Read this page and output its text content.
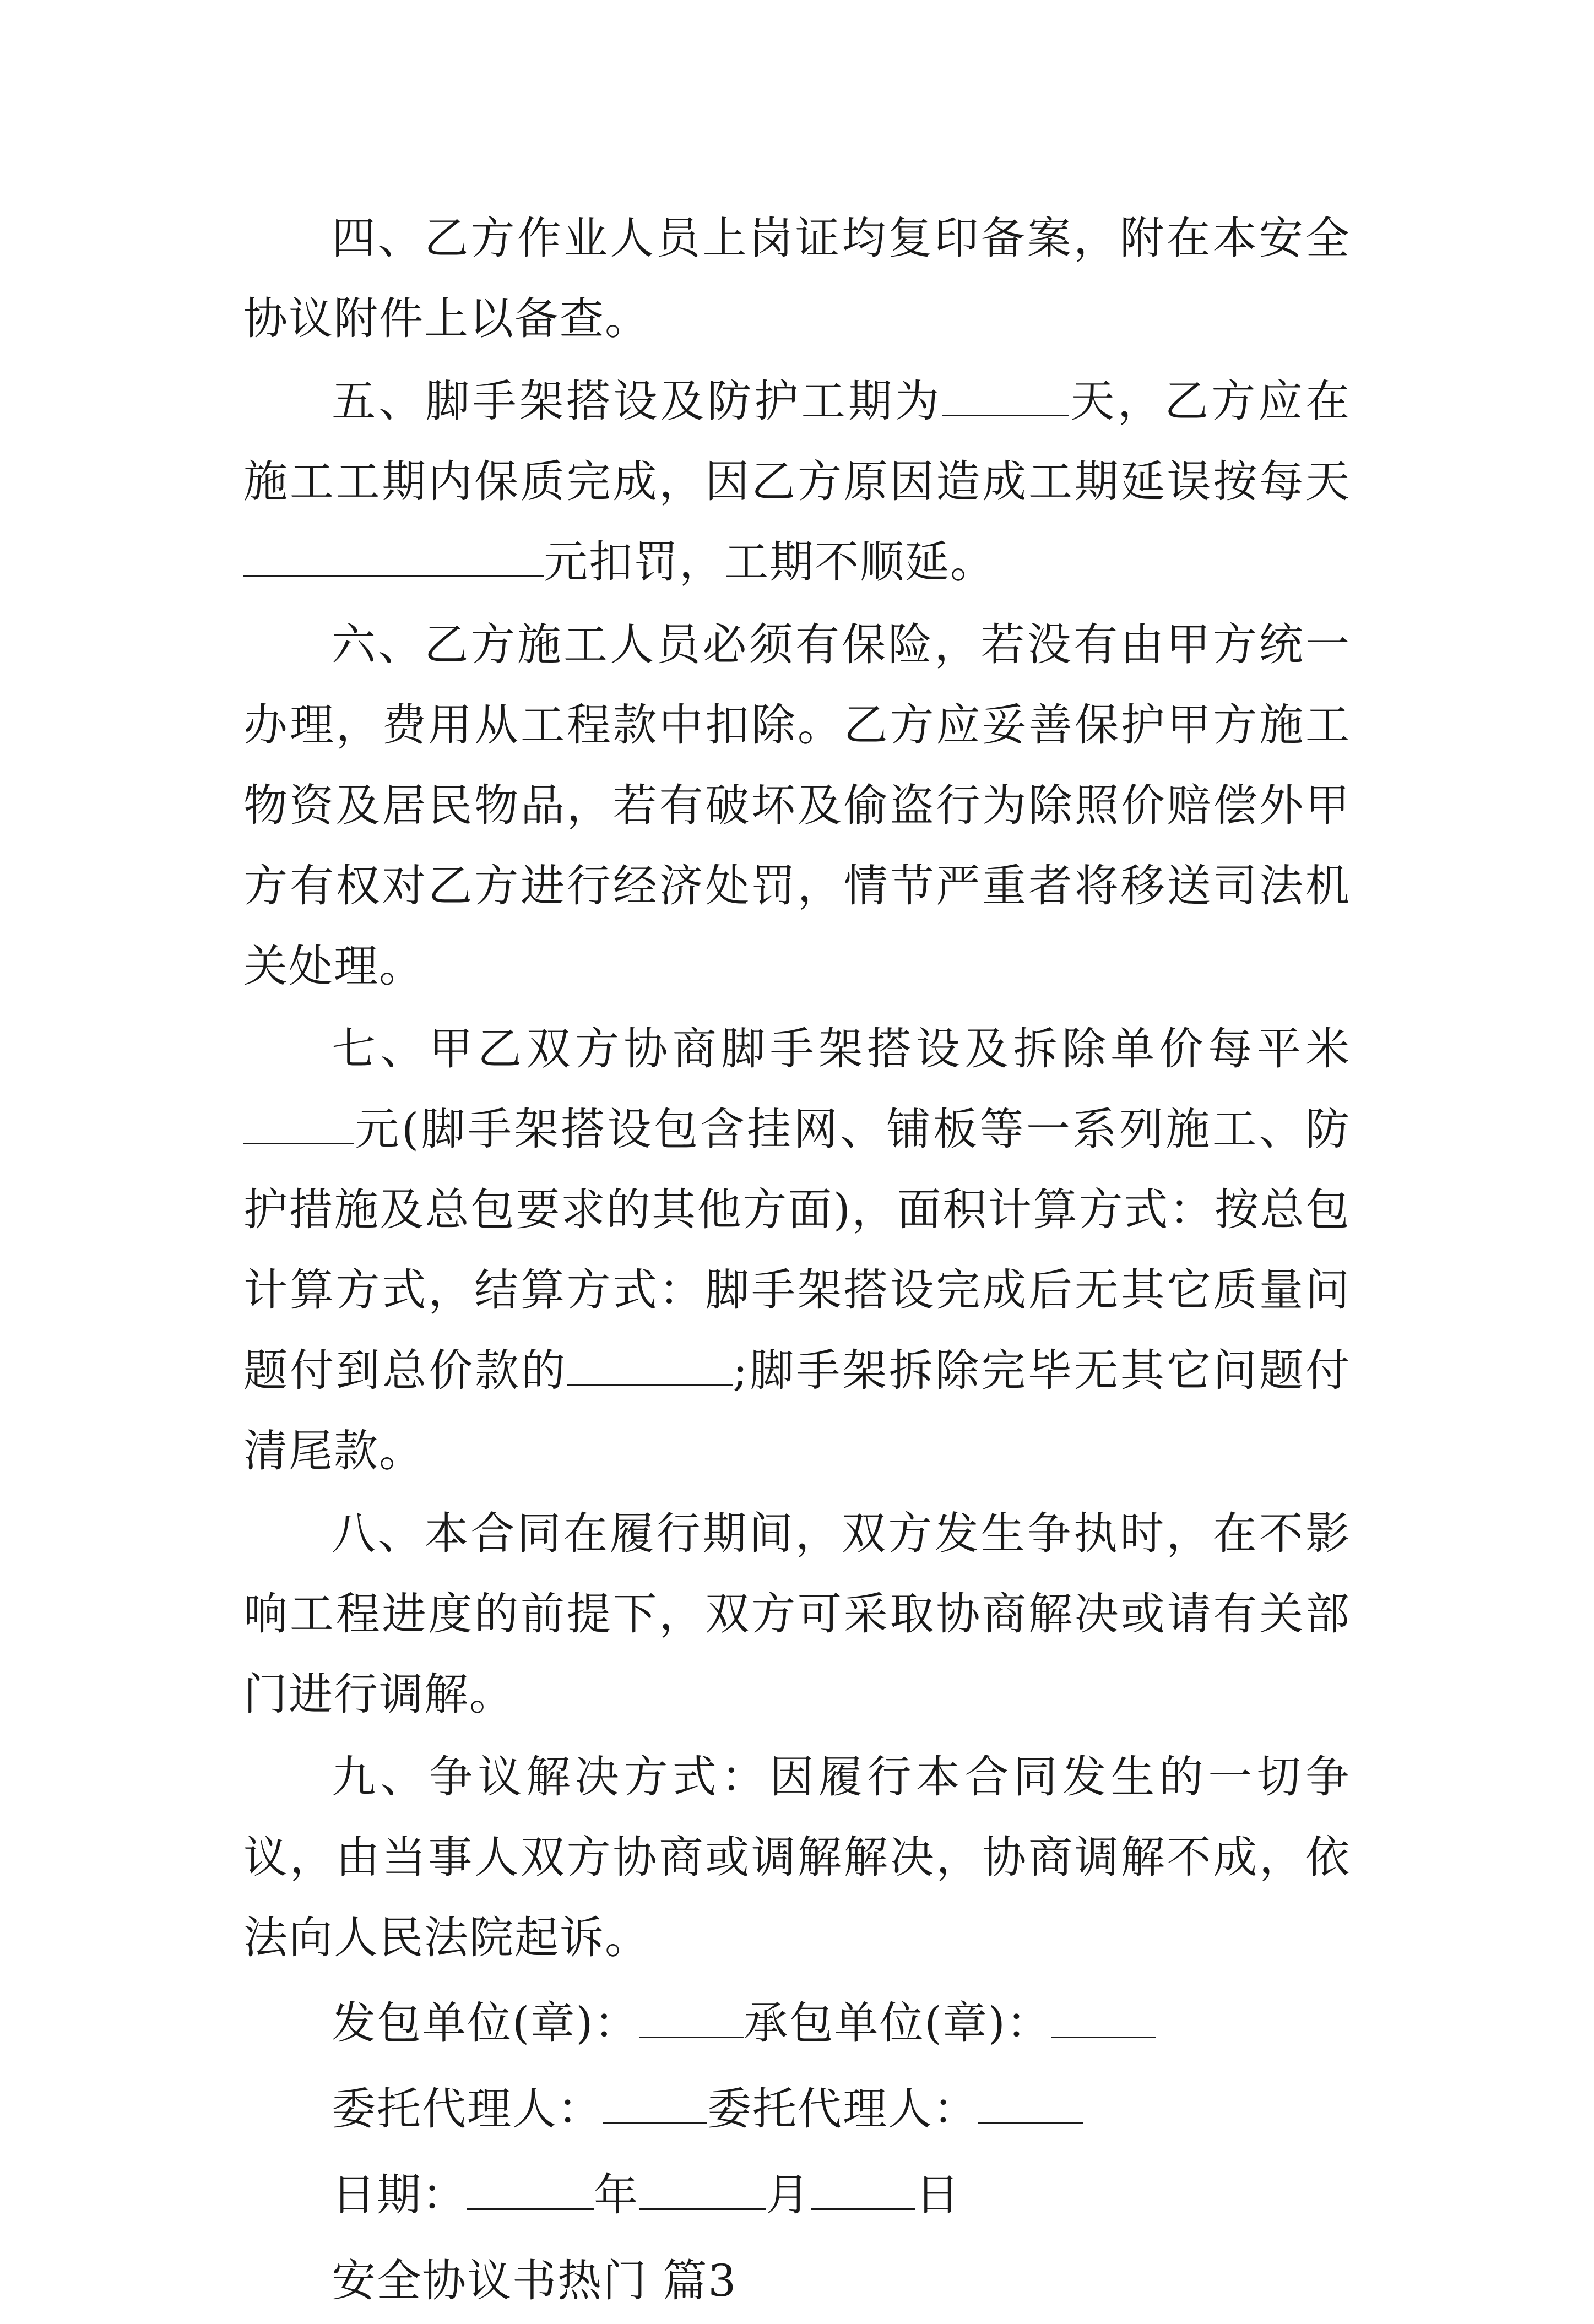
四、乙方作业人员上岗证均复印备案，附在本安全协议附件上以备查。

五、脚手架搭设及防护工期为	天，乙方应在施工工期内保质完成，因乙方原因造成工期延误按每天元扣罚，工期不顺延。

六、乙方施工人员必须有保险，若没有由甲方统一办理，费用从工程款中扣除。乙方应妥善保护甲方施工物资及居民物品，若有破坏及偷盗行为除照价赔偿外甲方有权对乙方进行经济处罚，情节严重者将移送司法机关处理。

七、甲乙双方协商脚手架搭设及拆除单价每平米元(脚手架搭设包含挂网、铺板等一系列施工、防护措施及总包要求的其他方面)，面积计算方式：按总包计算方式，结算方式：脚手架搭设完成后无其它质量问题付到总价款的	;脚手架拆除完毕无其它问题付清尾款。

八、本合同在履行期间，双方发生争执时，在不影响工程进度的前提下，双方可采取协商解决或请有关部门进行调解。

九、争议解决方式：因履行本合同发生的一切争议，由当事人双方协商或调解解决，协商调解不成，依法向人民法院起诉。

发包单位(章)： 承包单位(章)：
委托代理人： 委托代理人：
日期：	年	月 日
安全协议书热门 篇3
